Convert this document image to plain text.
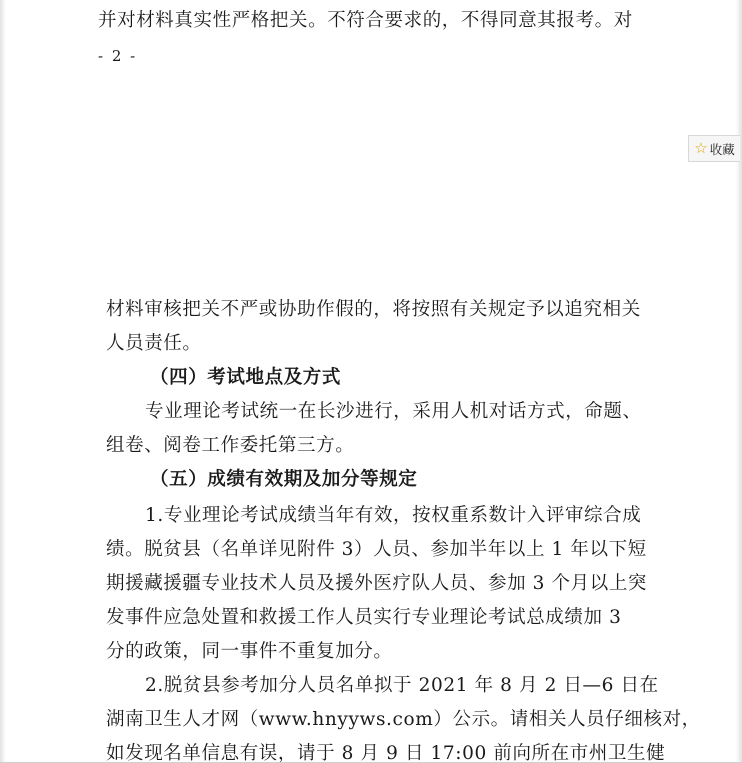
并对材料真实性严格把关。不符合要求的，不得同意其报考。对
- 2 -
☆ 收藏
材料审核把关不严或协助作假的，将按照有关规定予以追究相关
人员责任。
（四）考试地点及方式
专业理论考试统一在长沙进行，采用人机对话方式，命题、
组卷、阅卷工作委托第三方。
（五）成绩有效期及加分等规定
1.专业理论考试成绩当年有效，按权重系数计入评审综合成
绩。脱贫县（名单详见附件 3）人员、参加半年以上 1 年以下短
期援藏援疆专业技术人员及援外医疗队人员、参加 3 个月以上突
发事件应急处置和救援工作人员实行专业理论考试总成绩加 3
分的政策，同一事件不重复加分。
2.脱贫县参考加分人员名单拟于 2021 年 8 月 2 日—6 日在
湖南卫生人才网（www.hnyyws.com）公示。请相关人员仔细核对，
如发现名单信息有误，请于 8 月 9 日 17:00 前向所在市州卫生健
